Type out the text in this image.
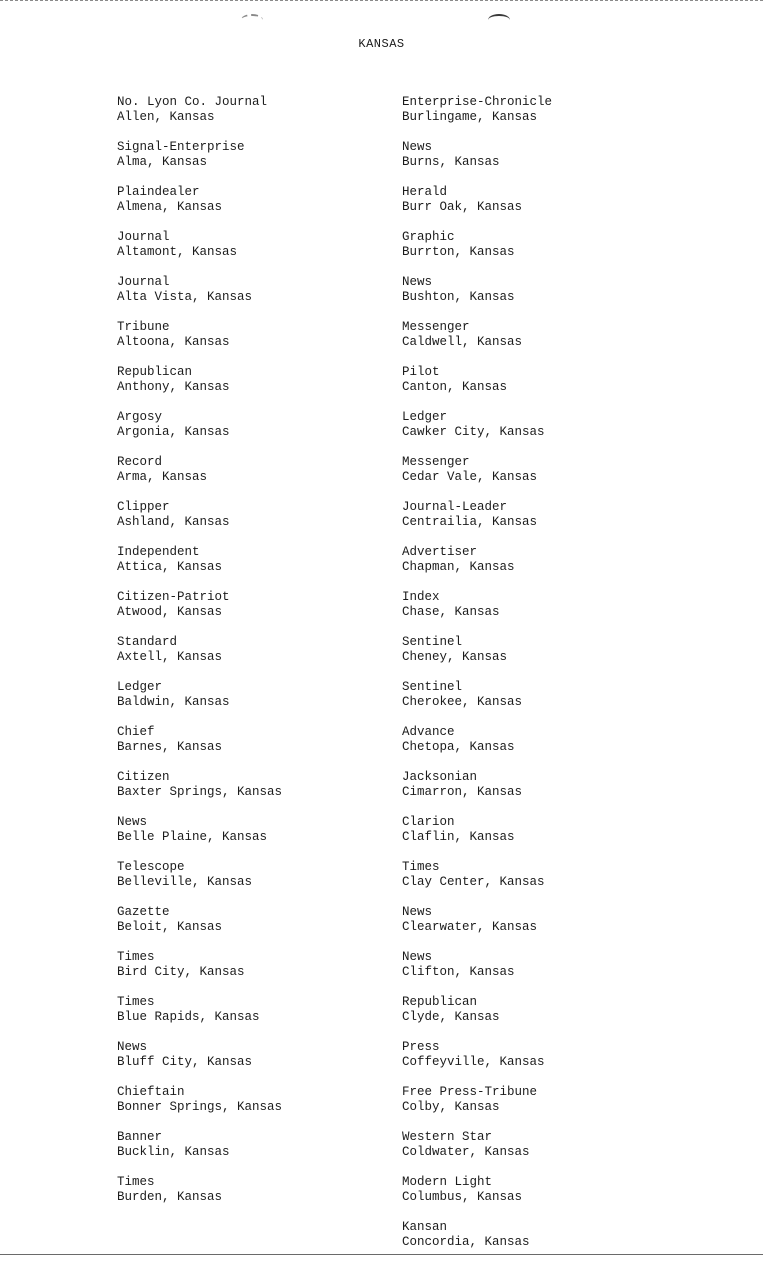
KANSAS
No. Lyon Co. Journal
Allen, Kansas
Signal-Enterprise
Alma, Kansas
Plaindealer
Almena, Kansas
Journal
Altamont, Kansas
Journal
Alta Vista, Kansas
Tribune
Altoona, Kansas
Republican
Anthony, Kansas
Argosy
Argonia, Kansas
Record
Arma, Kansas
Clipper
Ashland, Kansas
Independent
Attica, Kansas
Citizen-Patriot
Atwood, Kansas
Standard
Axtell, Kansas
Ledger
Baldwin, Kansas
Chief
Barnes, Kansas
Citizen
Baxter Springs, Kansas
News
Belle Plaine, Kansas
Telescope
Belleville, Kansas
Gazette
Beloit, Kansas
Times
Bird City, Kansas
Times
Blue Rapids, Kansas
News
Bluff City, Kansas
Chieftain
Bonner Springs, Kansas
Banner
Bucklin, Kansas
Times
Burden, Kansas
Enterprise-Chronicle
Burlingame, Kansas
News
Burns, Kansas
Herald
Burr Oak, Kansas
Graphic
Burrton, Kansas
News
Bushton, Kansas
Messenger
Caldwell, Kansas
Pilot
Canton, Kansas
Ledger
Cawker City, Kansas
Messenger
Cedar Vale, Kansas
Journal-Leader
Centrailia, Kansas
Advertiser
Chapman, Kansas
Index
Chase, Kansas
Sentinel
Cheney, Kansas
Sentinel
Cherokee, Kansas
Advance
Chetopa, Kansas
Jacksonian
Cimarron, Kansas
Clarion
Claflin, Kansas
Times
Clay Center, Kansas
News
Clearwater, Kansas
News
Clifton, Kansas
Republican
Clyde, Kansas
Press
Coffeyville, Kansas
Free Press-Tribune
Colby, Kansas
Western Star
Coldwater, Kansas
Modern Light
Columbus, Kansas
Kansan
Concordia, Kansas
